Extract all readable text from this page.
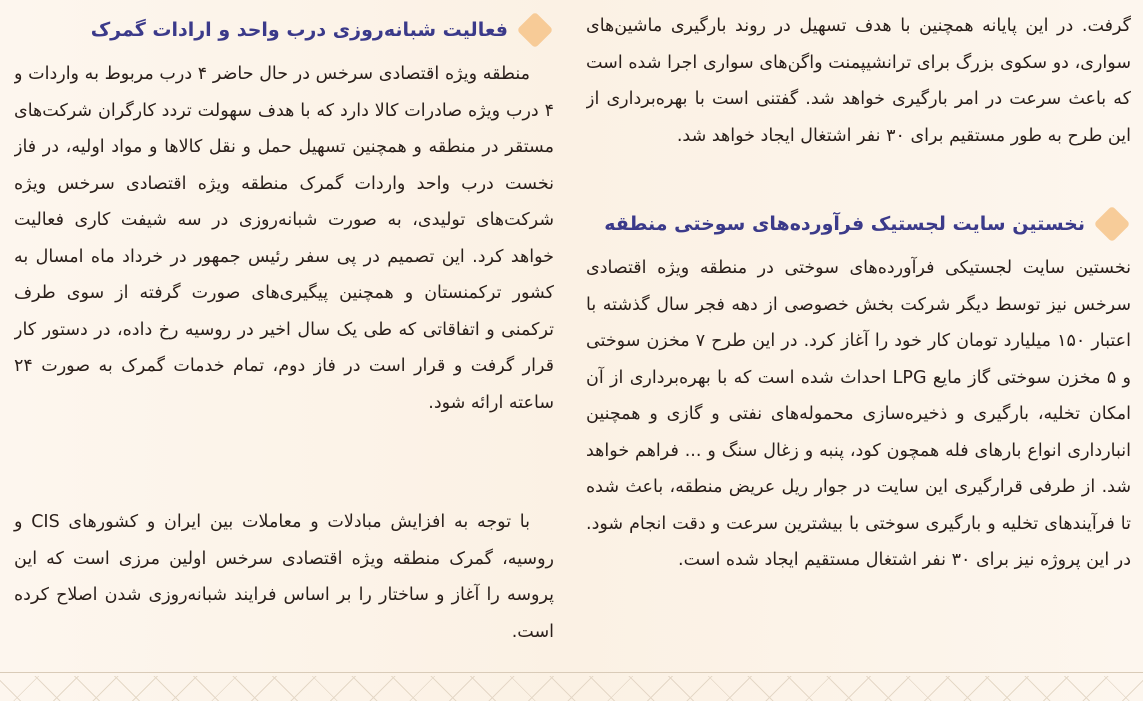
گرفت. در این پایانه همچنین با هدف تسهیل در روند بارگیری ماشین‌های سواری، دو سکوی بزرگ برای ترانشیپمنت واگن‌های سواری اجرا شده است که باعث سرعت در امر بارگیری خواهد شد. گفتنی است با بهره‌برداری از این طرح به طور مستقیم برای ۳۰ نفر اشتغال ایجاد خواهد شد.

نخستین سایت لجستیک فرآورده‌های سوختی منطقه

نخستین سایت لجستیکی فرآورده‌های سوختی در منطقه ویژه اقتصادی سرخس نیز توسط دیگر شرکت بخش خصوصی از دهه فجر سال گذشته با اعتبار ۱۵۰ میلیارد تومان کار خود را آغاز کرد. در این طرح ۷ مخزن سوختی و ۵ مخزن سوختی گاز مایع LPG احداث شده است که با بهره‌برداری از آن امکان تخلیه، بارگیری و ذخیره‌سازی محموله‌های نفتی و گازی و همچنین انبارداری انواع بارهای فله همچون کود، پنبه و زغال سنگ و ... فراهم خواهد شد. از طرفی قرارگیری این سایت در جوار ریل عریض منطقه، باعث شده تا فرآیندهای تخلیه و بارگیری سوختی با بیشترین سرعت و دقت انجام شود. در این پروژه نیز برای ۳۰ نفر اشتغال مستقیم ایجاد شده است.

فعالیت شبانه‌روزی درب واحد و ارادات گمرک

منطقه ویژه اقتصادی سرخس در حال حاضر ۴ درب مربوط به واردات و ۴ درب ویژه صادرات کالا دارد که با هدف سهولت تردد کارگران شرکت‌های مستقر در منطقه و همچنین تسهیل حمل و نقل کالاها و مواد اولیه، در فاز نخست درب واحد واردات گمرک منطقه ویژه اقتصادی سرخس ویژه شرکت‌های تولیدی، به صورت شبانه‌روزی در سه شیفت کاری فعالیت خواهد کرد. این تصمیم در پی سفر رئیس جمهور در خرداد ماه امسال به کشور ترکمنستان و همچنین پیگیری‌های صورت گرفته از سوی طرف ترکمنی و اتفاقاتی که طی یک سال اخیر در روسیه رخ داده، در دستور کار قرار گرفت و قرار است در فاز دوم، تمام خدمات گمرک به صورت ۲۴ ساعته ارائه شود.

با توجه به افزایش مبادلات و معاملات بین ایران و کشورهای CIS و روسیه، گمرک منطقه ویژه اقتصادی سرخس اولین مرزی است که این پروسه را آغاز و ساختار را بر اساس فرایند شبانه‌روزی شدن اصلاح کرده است.
